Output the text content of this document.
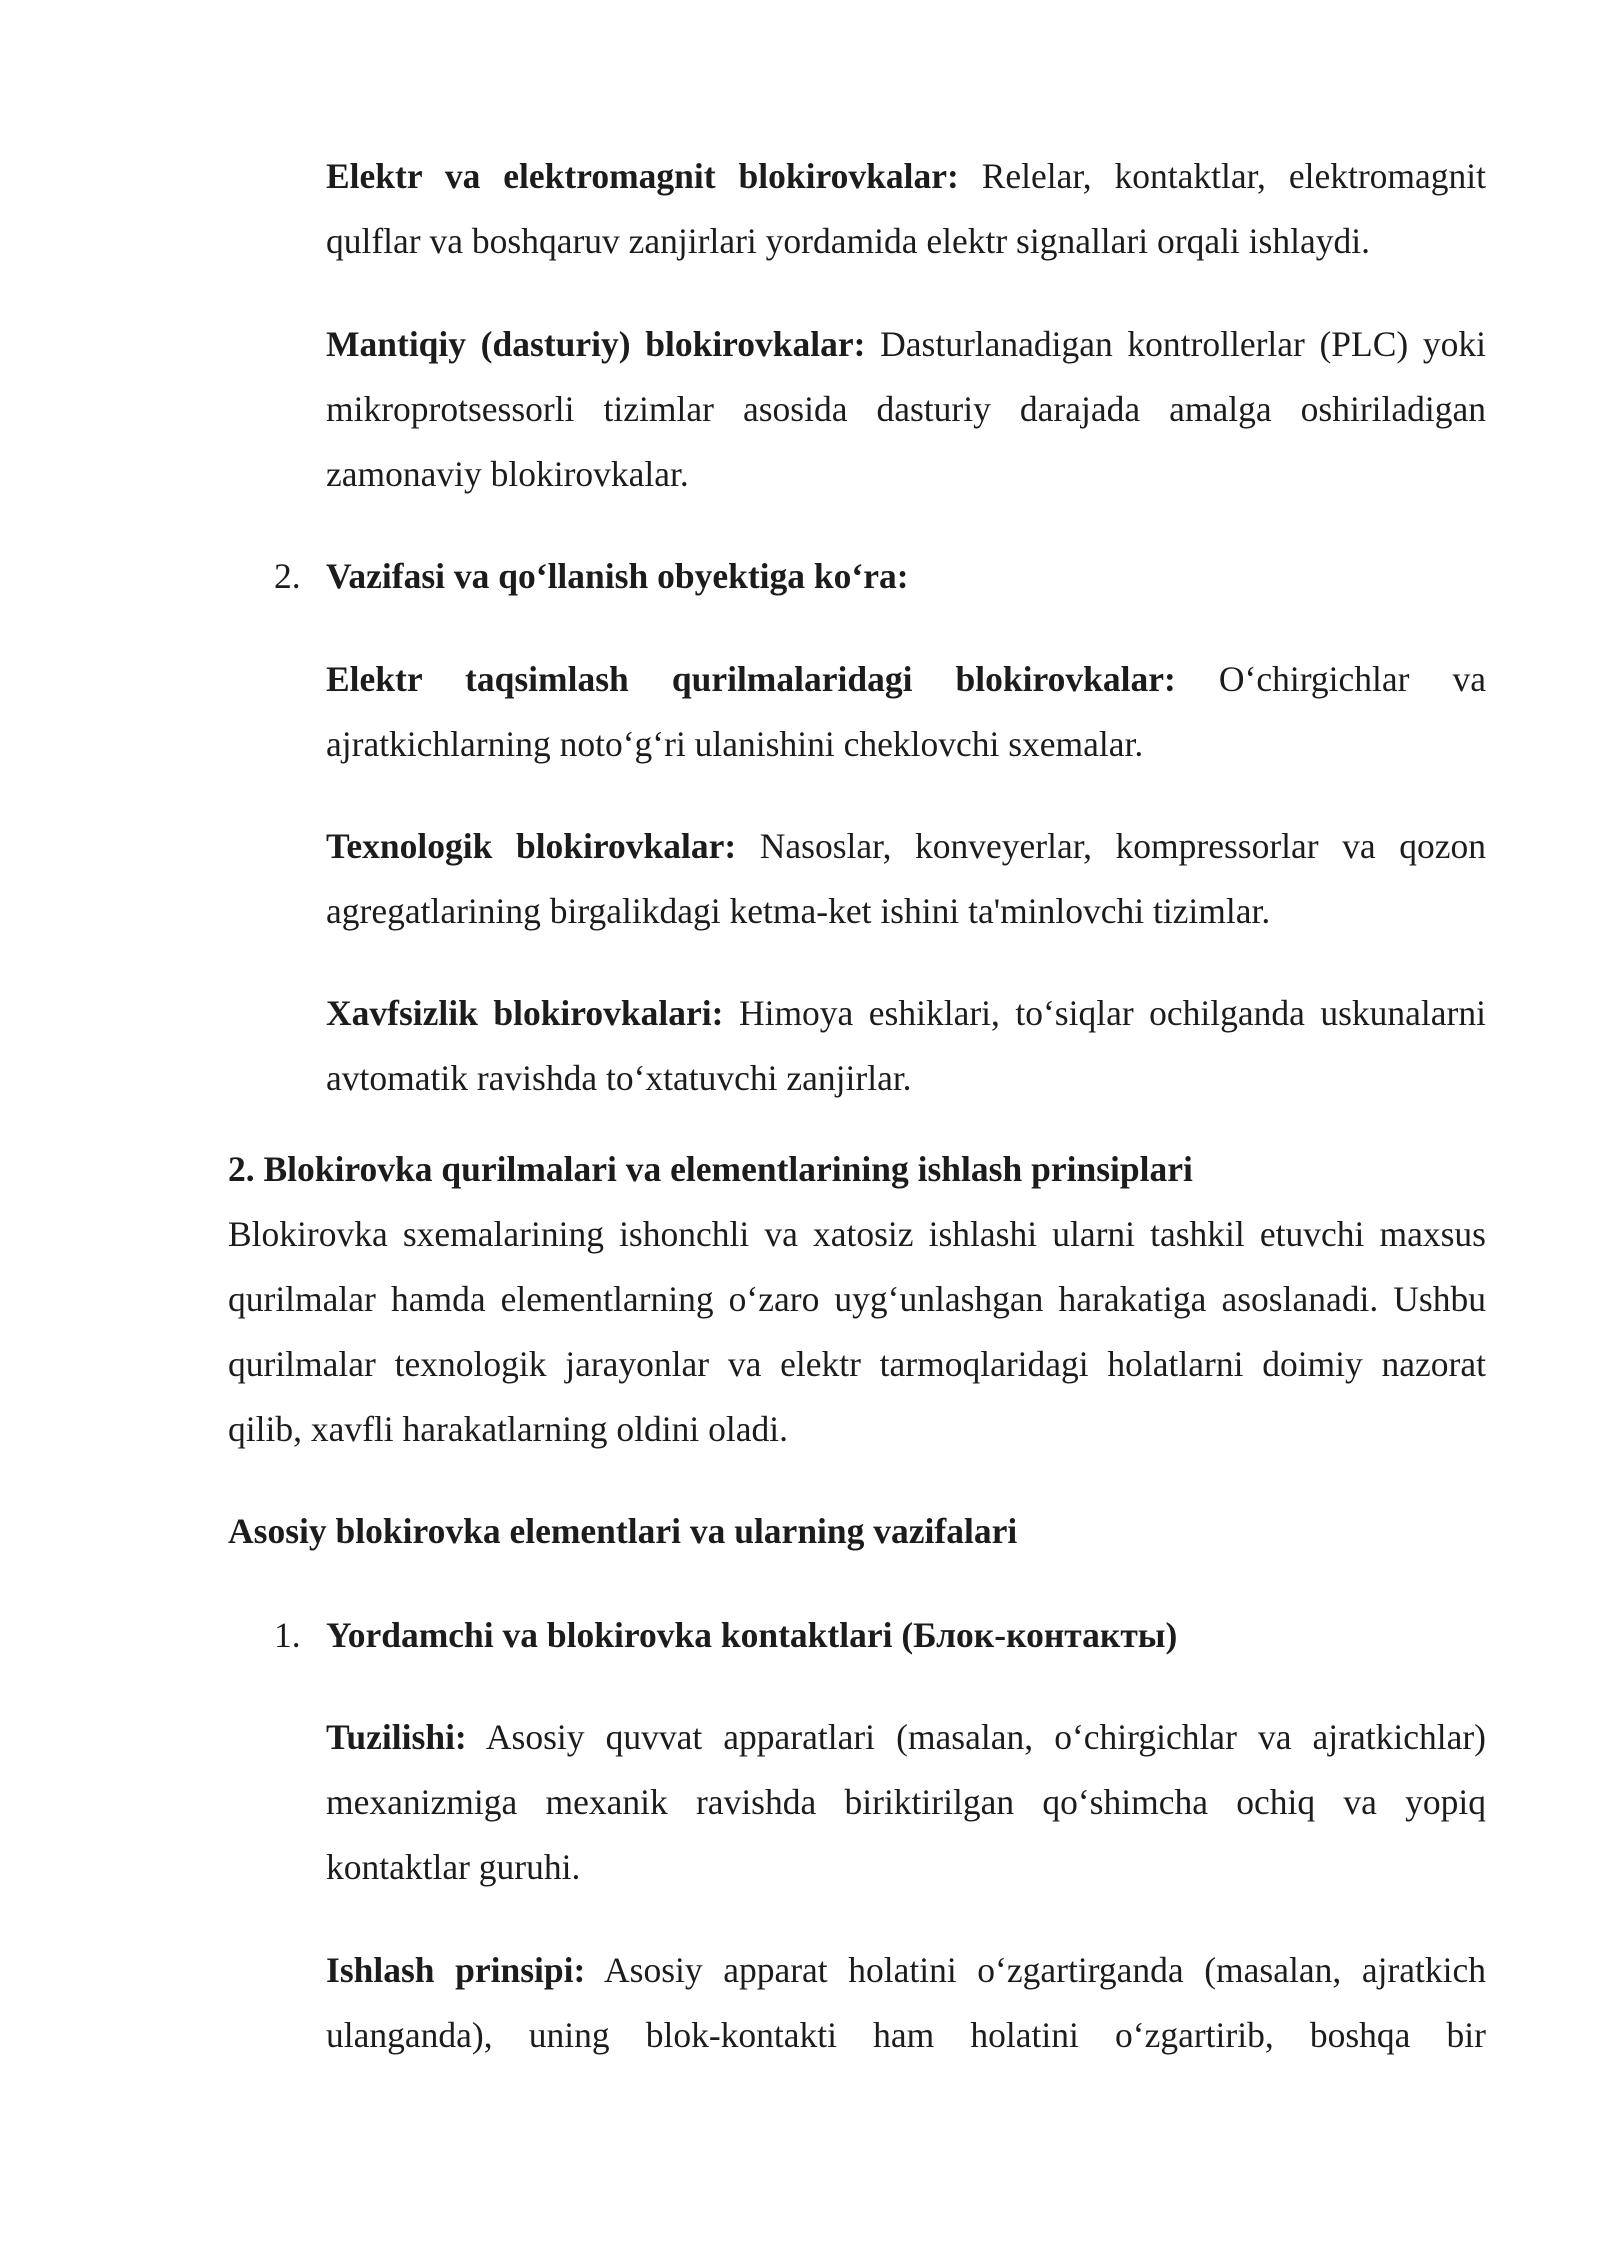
Elektr va elektromagnit blokirovkalar: Relelar, kontaktlar, elektromagnit qulflar va boshqaruv zanjirlari yordamida elektr signallari orqali ishlaydi.

Mantiqiy (dasturiy) blokirovkalar: Dasturlanadigan kontrollerlar (PLC) yoki mikroprotsessorli tizimlar asosida dasturiy darajada amalga oshiriladigan zamonaviy blokirovkalar.

2. Vazifasi va qo‘llanish obyektiga ko‘ra:

Elektr taqsimlash qurilmalaridagi blokirovkalar: O‘chirgichlar va ajratkichlarning noto‘g‘ri ulanishini cheklovchi sxemalar.

Texnologik blokirovkalar: Nasoslar, konveyerlar, kompressorlar va qozon agregatlarining birgalikdagi ketma-ket ishini ta'minlovchi tizimlar.

Xavfsizlik blokirovkalari: Himoya eshiklari, to‘siqlar ochilganda uskunalarni avtomatik ravishda to‘xtatuvchi zanjirlar.

2. Blokirovka qurilmalari va elementlarining ishlash prinsiplari

Blokirovka sxemalarining ishonchli va xatosiz ishlashi ularni tashkil etuvchi maxsus qurilmalar hamda elementlarning o‘zaro uyg‘unlashgan harakatiga asoslanadi. Ushbu qurilmalar texnologik jarayonlar va elektr tarmoqlaridagi holatlarni doimiy nazorat qilib, xavfli harakatlarning oldini oladi.

Asosiy blokirovka elementlari va ularning vazifalari

1. Yordamchi va blokirovka kontaktlari (Блок-контакты)

Tuzilishi: Asosiy quvvat apparatlari (masalan, o‘chirgichlar va ajratkichlar) mexanizmiga mexanik ravishda biriktirilgan qo‘shimcha ochiq va yopiq kontaktlar guruhi.

Ishlash prinsipi: Asosiy apparat holatini o‘zgartirganda (masalan, ajratkich ulanganda), uning blok-kontakti ham holatini o‘zgartirib, boshqa bir
